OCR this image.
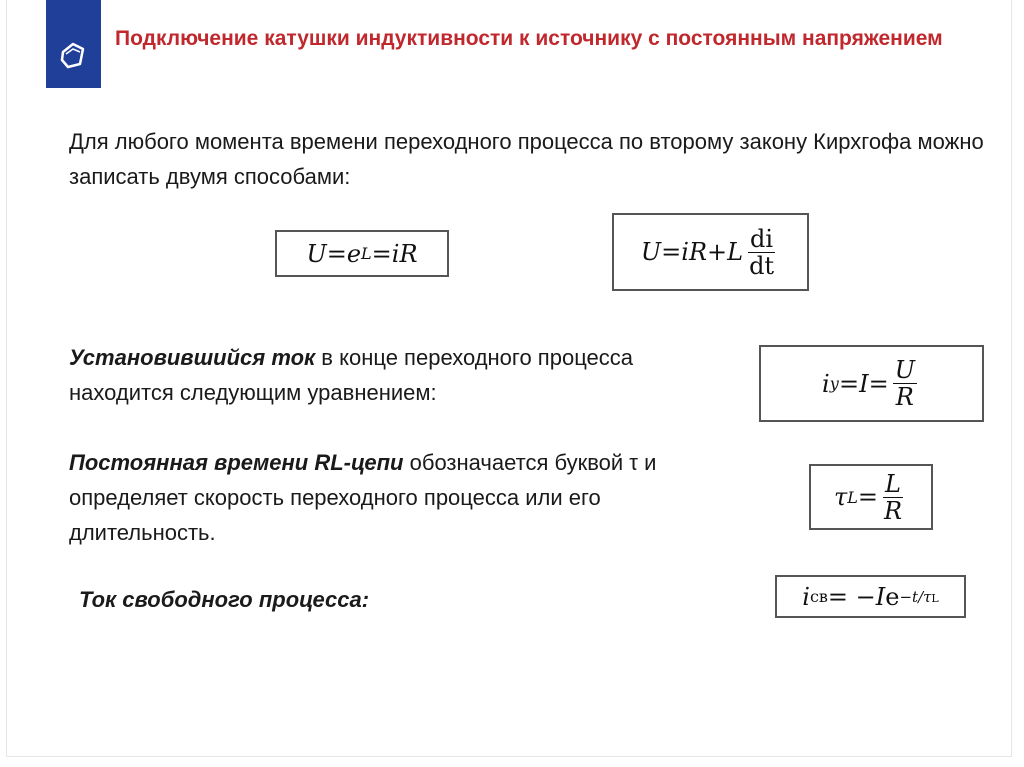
Подключение катушки индуктивности к источнику с постоянным напряжением

Для любого момента времени переходного процесса по второму закону Кирхгофа можно записать двумя способами:

U = e L = iR	U = iR + L $\frac{di}{dt}$

Установившийся ток в конце переходного процесса находится следующим уравнением:	i $у = I = \frac{U}{R}$

Постоянная времени RL-цепи обозначается буквой τ и определяет скорость переходного процесса или его длительность.

τ $L = \frac{L}{R}$

Ток свободного процесса:	i св = − I e −t/τL
